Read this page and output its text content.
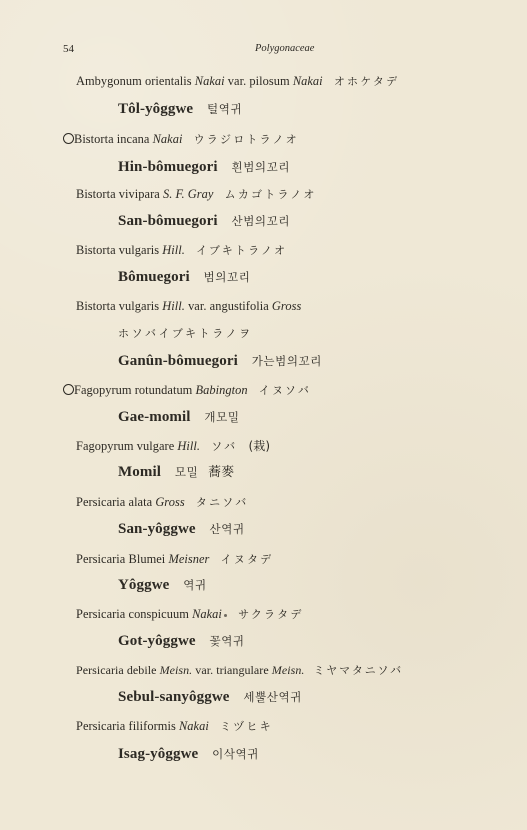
54	Polygonaceae
Ambygonum orientalis Nakai var. pilosum Nakai オホケタデ
Tôl-yôggwe 털역귀
Bistorta incana Nakai ウラジロトラノオ
Hin-bômuegori 흰범의꼬리
Bistorta vivipara S. F. Gray ムカゴトラノオ
San-bômuegori 산범의꼬리
Bistorta vulgaris Hill. イブキトラノオ
Bômuegori 범의꼬리
Bistorta vulgaris Hill. var. angustifolia Gross
ホソバイブキトラノヲ
Ganûn-bômuegori 가는범의꼬리
Fagopyrum rotundatum Babington イヌソバ
Gae-momil 개모밀
Fagopyrum vulgare Hill. ソバ (栽)
Momil 모밀 蕎麥
Persicaria alata Gross タニソバ
San-yôggwe 산역귀
Persicaria Blumei Meisner イヌタデ
Yôggwe 역귀
Persicaria conspicuum Nakai サクラタデ
Got-yôggwe 꽃역귀
Persicaria debile Meisn. var. triangulare Meisn. ミヤマタニソバ
Sebul-sanyôggwe 세뿔산역귀
Persicaria filiformis Nakai ミヅヒキ
Isag-yôggwe 이삭역귀
